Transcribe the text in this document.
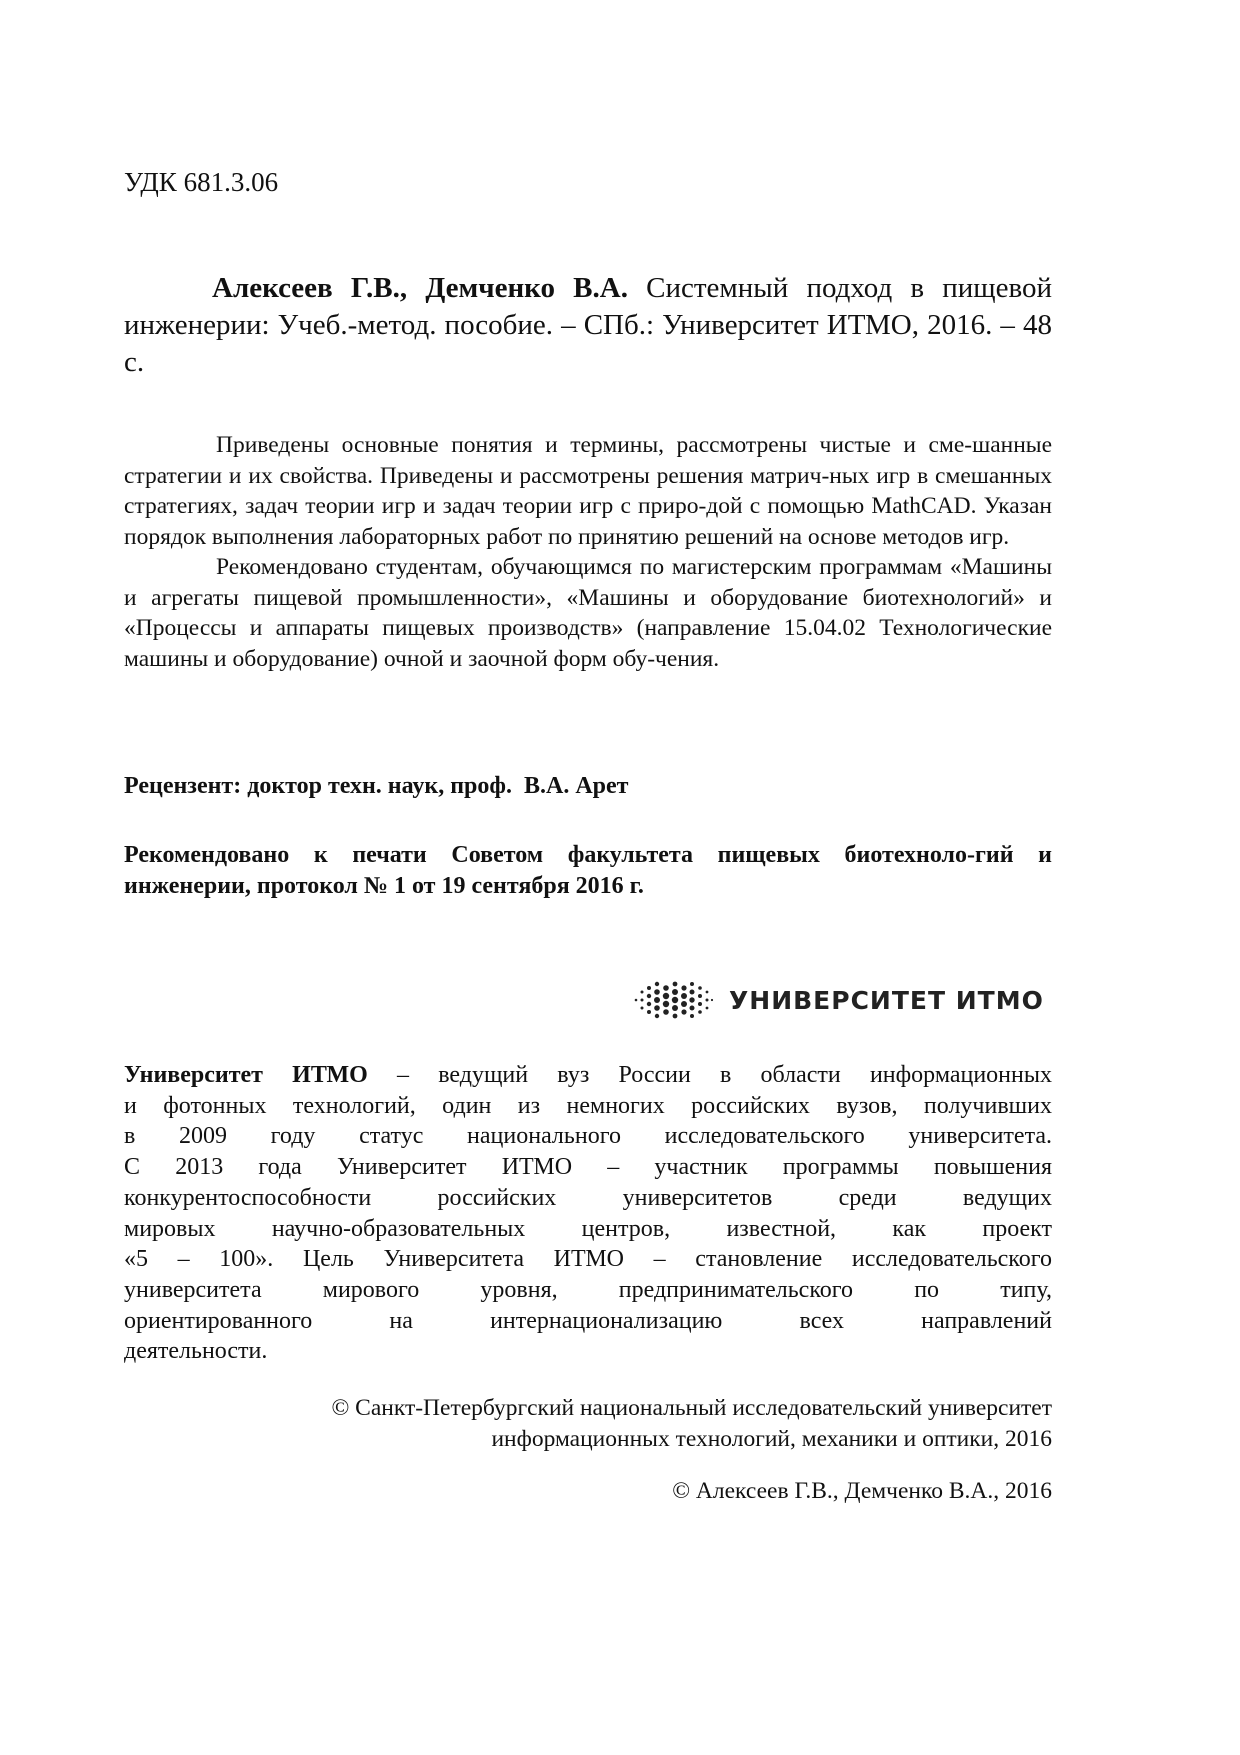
УДК 681.3.06

Алексеев Г.В., Демченко В.А. Системный подход в пищевой инженерии: Учеб.-метод. пособие. – СПб.: Университет ИТМО, 2016. – 48 с.

Приведены основные понятия и термины, рассмотрены чистые и сме-шанные стратегии и их свойства. Приведены и рассмотрены решения матрич-ных игр в смешанных стратегиях, задач теории игр и задач теории игр с приро-дой с помощью MathCAD. Указан порядок выполнения лабораторных работ по принятию решений на основе методов игр.

Рекомендовано студентам, обучающимся по магистерским программам «Машины и агрегаты пищевой промышленности», «Машины и оборудование биотехнологий» и «Процессы и аппараты пищевых производств» (направление 15.04.02 Технологические машины и оборудование) очной и заочной форм обу-чения.

Рецензент: доктор техн. наук, проф.  В.А. Арет

Рекомендовано к печати Советом факультета пищевых биотехноло-гий и инженерии, протокол № 1 от 19 сентября 2016 г.

УНИВЕРСИТЕТ ИТМО
Университет ИТМО – ведущий вуз России в области информационных
и фотонных технологий, один из немногих российских вузов, получивших
в 2009 году статус национального исследовательского университета.
С 2013 года Университет ИТМО – участник программы повышения
конкурентоспособности российских университетов среди ведущих
мировых научно-образовательных центров, известной, как проект
«5 – 100». Цель Университета ИТМО – становление исследовательского
университета мирового уровня, предпринимательского по типу,
ориентированного на интернационализацию всех направлений
деятельности.

© Санкт-Петербургский национальный исследовательский университет
информационных технологий, механики и оптики, 2016

© Алексеев Г.В., Демченко В.А., 2016
